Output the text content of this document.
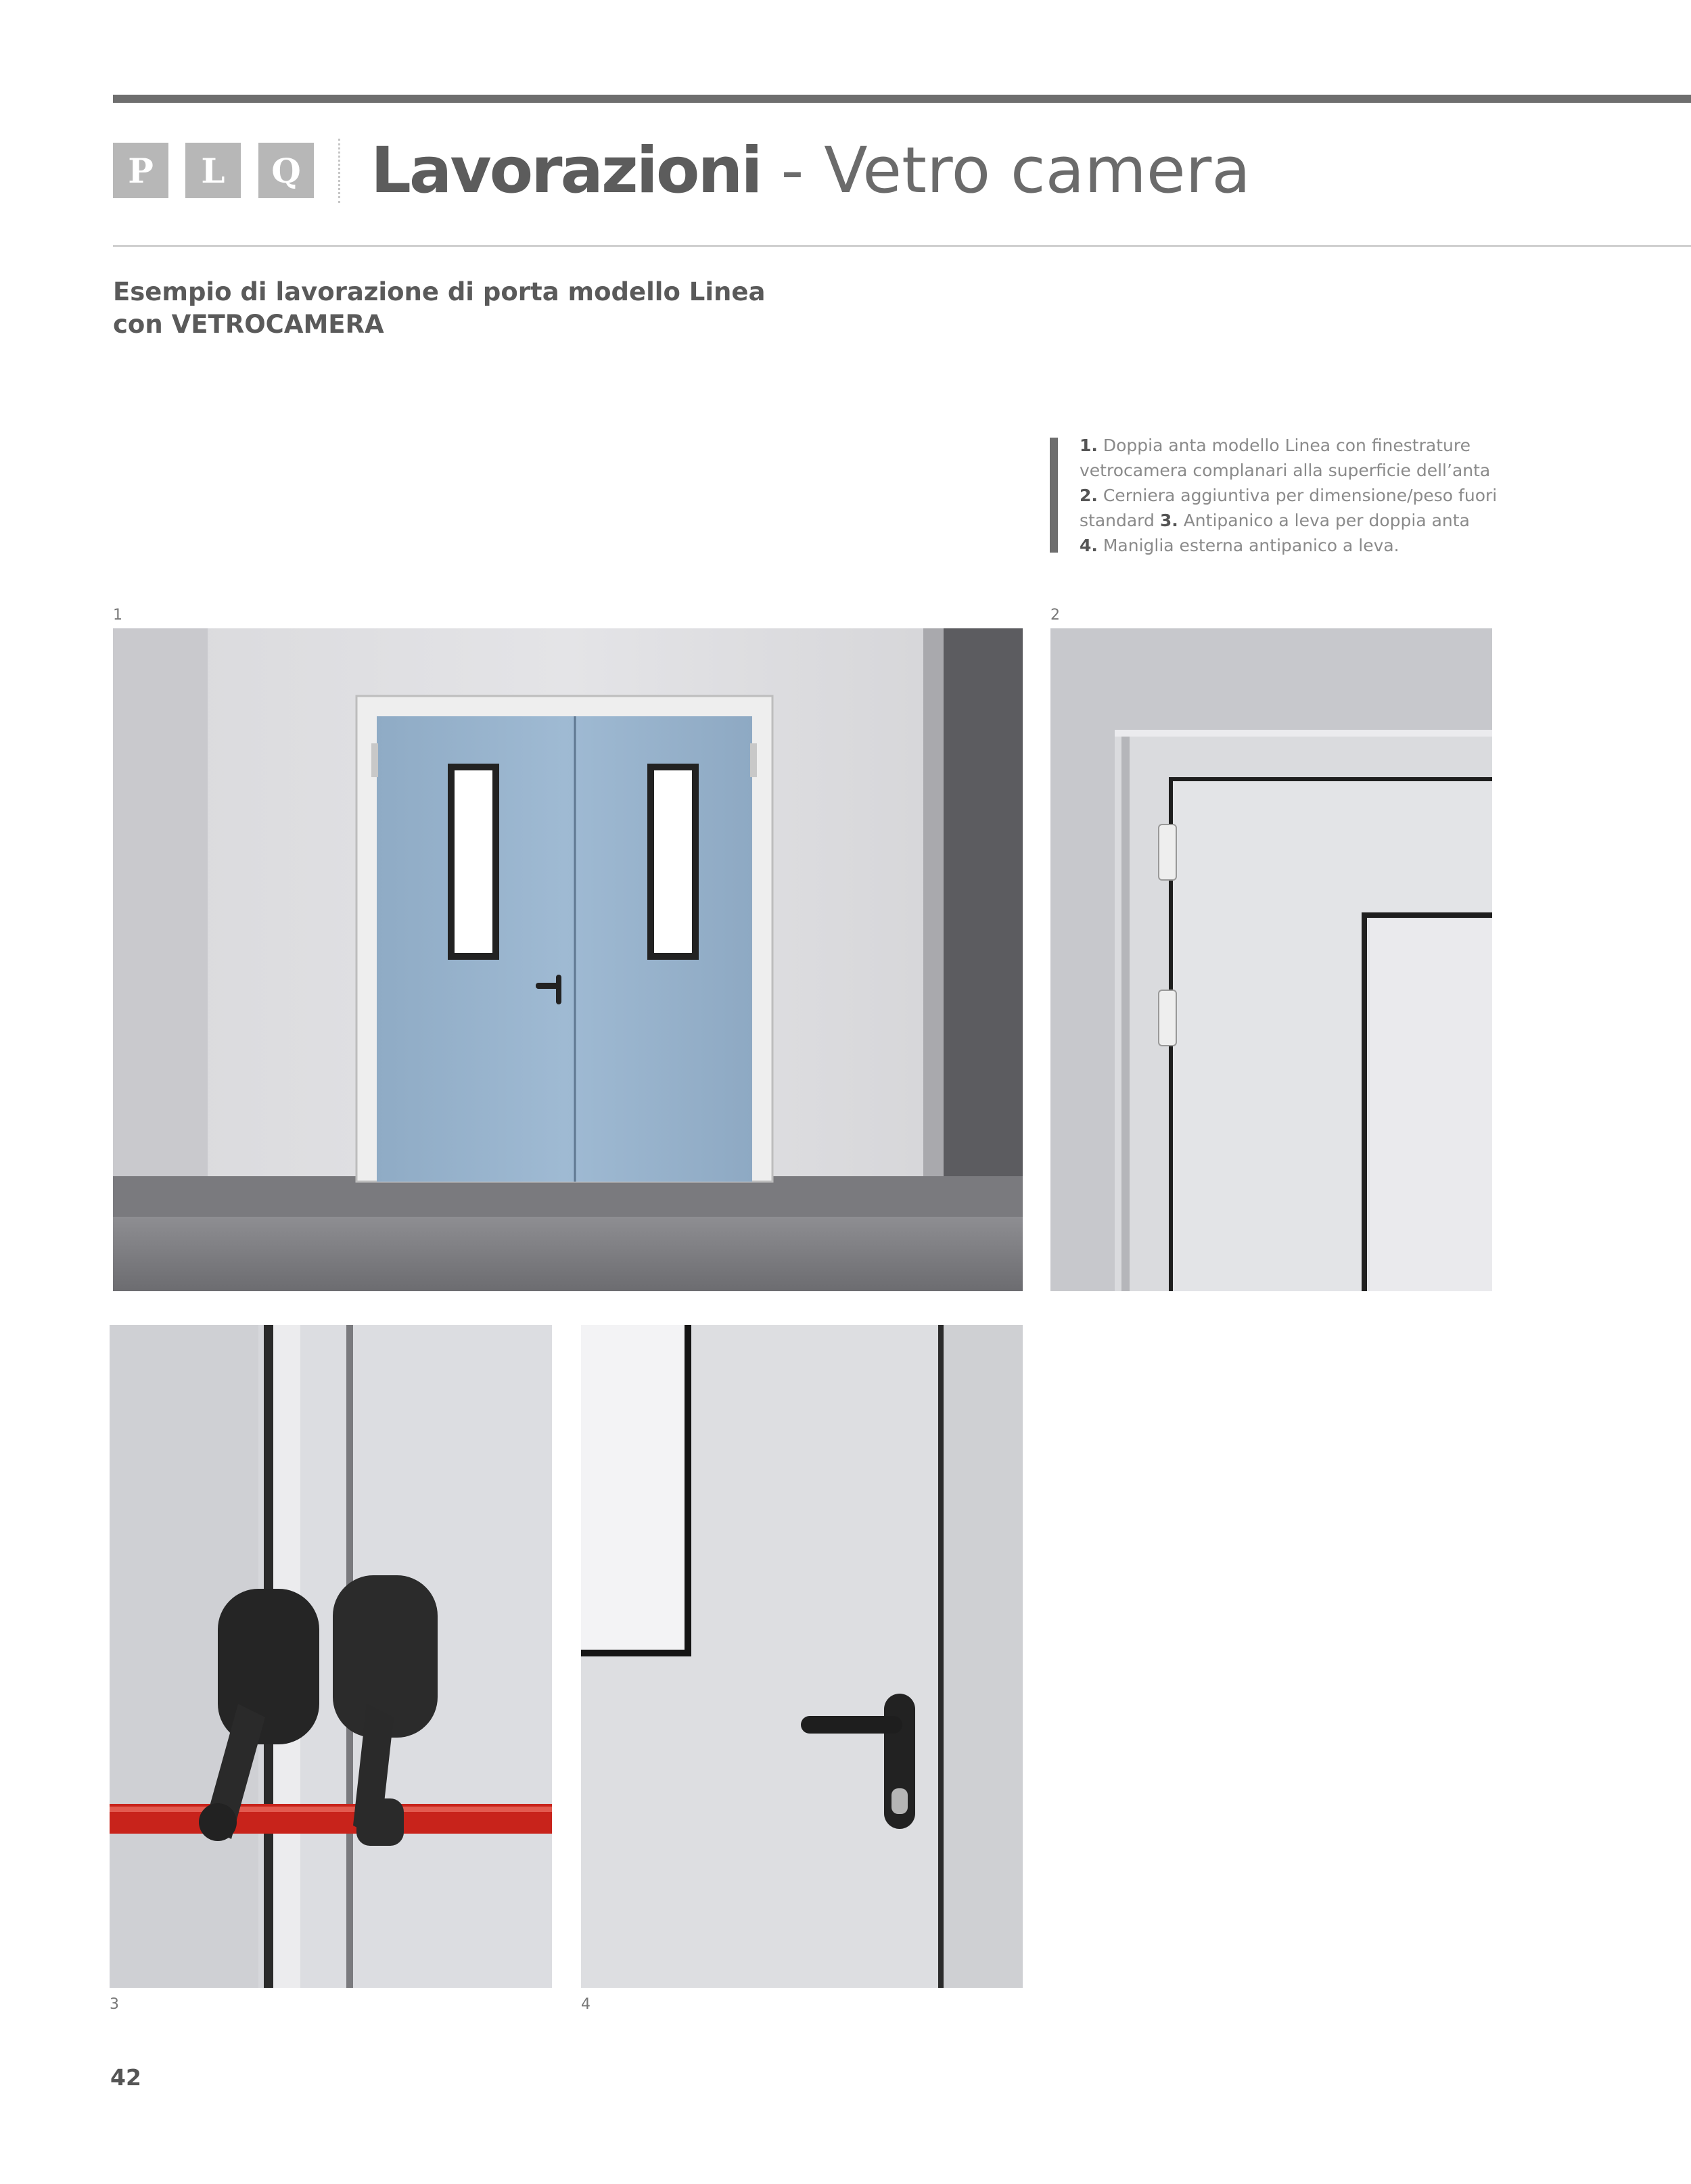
P	L	Q Lavorazioni - Vetro camera
Esempio di lavorazione di porta modello Linea
con VETROCAMERA
1. Doppia anta modello Linea con finestrature vetrocamera complanari alla superficie dell’anta
2. Cerniera aggiuntiva per dimensione/peso fuori standard 3. Antipanico a leva per doppia anta
4. Maniglia esterna antipanico a leva.
1	2
3	4
42
